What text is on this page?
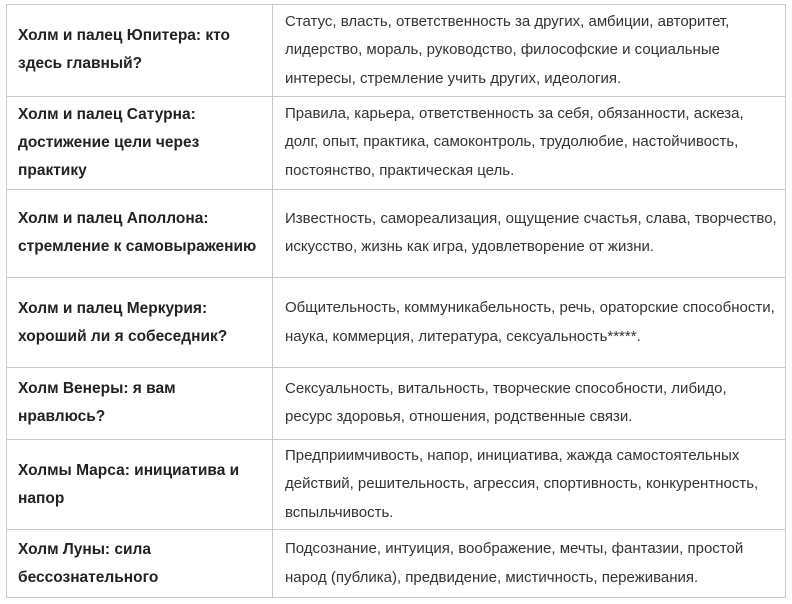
Холм и палец Юпитера: кто здесь главный?	Статус, власть, ответственность за других, амбиции, авторитет, лидерство, мораль, руководство, философские и социальные интересы, стремление учить других, идеология.
Холм и палец Сатурна: достижение цели через практику	Правила, карьера, ответственность за себя, обязанности, аскеза, долг, опыт, практика, самоконтроль, трудолюбие, настойчивость, постоянство, практическая цель.
Холм и палец Аполлона: стремление к самовыражению	Известность, самореализация, ощущение счастья, слава, творчество, искусство, жизнь как игра, удовлетворение от жизни.
Холм и палец Меркурия: хороший ли я собеседник?	Общительность, коммуникабельность, речь, ораторские способности, наука, коммерция, литература, сексуальность*****.
Холм Венеры: я вам нравлюсь?	Сексуальность, витальность, творческие способности, либидо, ресурс здоровья, отношения, родственные связи.
Холмы Марса: инициатива и напор	Предприимчивость, напор, инициатива, жажда самостоятельных действий, решительность, агрессия, спортивность, конкурентность, вспыльчивость.
Холм Луны: сила бессознательного	Подсознание, интуиция, воображение, мечты, фантазии, простой народ (публика), предвидение, мистичность, переживания.
